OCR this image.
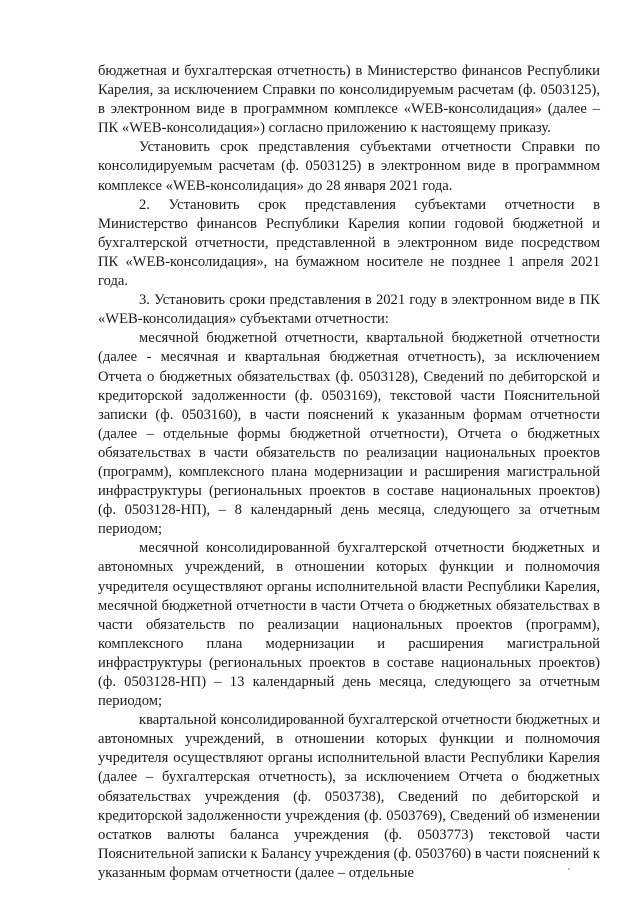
бюджетная и бухгалтерская отчетность) в Министерство финансов Республики Карелия, за исключением Справки по консолидируемым расчетам (ф. 0503125), в электронном виде в программном комплексе «WEB-консолидация» (далее – ПК «WEB-консолидация») согласно приложению к настоящему приказу.

Установить срок представления субъектами отчетности Справки по консолидируемым расчетам (ф. 0503125) в электронном виде в программном комплексе «WEB-консолидация» до 28 января 2021 года.

2. Установить срок представления субъектами отчетности в Министерство финансов Республики Карелия копии годовой бюджетной и бухгалтерской отчетности, представленной в электронном виде посредством ПК «WEB-консолидация», на бумажном носителе не позднее 1 апреля 2021 года.

3. Установить сроки представления в 2021 году в электронном виде в ПК «WEB-консолидация» субъектами отчетности:

месячной бюджетной отчетности, квартальной бюджетной отчетности (далее - месячная и квартальная бюджетная отчетность), за исключением Отчета о бюджетных обязательствах (ф. 0503128), Сведений по дебиторской и кредиторской задолженности (ф. 0503169), текстовой части Пояснительной записки (ф. 0503160), в части пояснений к указанным формам отчетности (далее – отдельные формы бюджетной отчетности), Отчета о бюджетных обязательствах в части обязательств по реализации национальных проектов (программ), комплексного плана модернизации и расширения магистральной инфраструктуры (региональных проектов в составе национальных проектов) (ф. 0503128-НП), – 8 календарный день месяца, следующего за отчетным периодом;

месячной консолидированной бухгалтерской отчетности бюджетных и автономных учреждений, в отношении которых функции и полномочия учредителя осуществляют органы исполнительной власти Республики Карелия, месячной бюджетной отчетности в части Отчета о бюджетных обязательствах в части обязательств по реализации национальных проектов (программ), комплексного плана модернизации и расширения магистральной инфраструктуры (региональных проектов в составе национальных проектов) (ф. 0503128-НП) – 13 календарный день месяца, следующего за отчетным периодом;

квартальной консолидированной бухгалтерской отчетности бюджетных и автономных учреждений, в отношении которых функции и полномочия учредителя осуществляют органы исполнительной власти Республики Карелия (далее – бухгалтерская отчетность), за исключением Отчета о бюджетных обязательствах учреждения (ф. 0503738), Сведений по дебиторской и кредиторской задолженности учреждения (ф. 0503769), Сведений об изменении остатков валюты баланса учреждения (ф. 0503773) текстовой части Пояснительной записки к Балансу учреждения (ф. 0503760) в части пояснений к указанным формам отчетности (далее – отдельные
